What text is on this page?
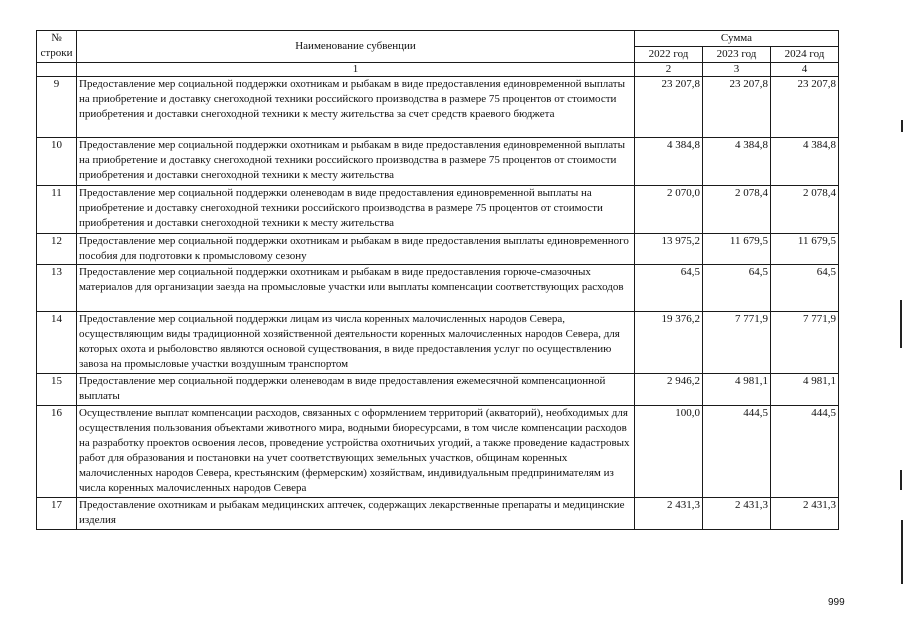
№
строки	Наименование субвенции	Сумма		
		2022 год	2023 год	2024 год
	1	2	3	4
9	Предоставление мер социальной поддержки охотникам и рыбакам в виде предоставления единовременной выплаты на приобретение и доставку снегоходной техники российского производства в размере 75 процентов от стоимости приобретения и доставки снегоходной техники к месту жительства за счет средств краевого бюджета	23 207,8	23 207,8	23 207,8
10	Предоставление мер социальной поддержки охотникам и рыбакам в виде предоставления единовременной выплаты на приобретение и доставку снегоходной техники российского производства в размере 75 процентов от стоимости приобретения и доставки снегоходной техники к месту жительства	4 384,8	4 384,8	4 384,8
11	Предоставление мер социальной поддержки оленеводам в виде предоставления единовременной выплаты на приобретение и доставку снегоходной техники российского производства в размере 75 процентов от стоимости приобретения и доставки снегоходной техники к месту жительства	2 070,0	2 078,4	2 078,4
12	Предоставление мер социальной поддержки охотникам и рыбакам в виде предоставления выплаты единовременного пособия для подготовки к промысловому сезону	13 975,2	11 679,5	11 679,5
13	Предоставление мер социальной поддержки охотникам и рыбакам в виде предоставления горюче-смазочных материалов для организации заезда на промысловые участки или выплаты компенсации соответствующих расходов	64,5	64,5	64,5
14	Предоставление мер социальной поддержки лицам из числа коренных малочисленных народов Севера, осуществляющим виды традиционной хозяйственной деятельности коренных малочисленных народов Севера, для которых охота и рыболовство являются основой существования, в виде предоставления услуг по осуществлению завоза на промысловые участки воздушным транспортом	19 376,2	7 771,9	7 771,9
15	Предоставление мер социальной поддержки оленеводам в виде предоставления ежемесячной компенсационной выплаты	2 946,2	4 981,1	4 981,1
16	Осуществление выплат компенсации расходов, связанных с оформлением территорий (акваторий), необходимых для осуществления пользования объектами животного мира, водными биоресурсами, в том числе компенсации расходов на разработку проектов освоения лесов, проведение устройства охотничьих угодий, а также проведение кадастровых работ для образования и постановки на учет соответствующих земельных участков, общинам коренных малочисленных народов Севера, крестьянским (фермерским) хозяйствам, индивидуальным предпринимателям из числа коренных малочисленных народов Севера	100,0	444,5	444,5
17	Предоставление охотникам и рыбакам медицинских аптечек, содержащих лекарственные препараты и медицинские изделия	2 431,3	2 431,3	2 431,3
999
